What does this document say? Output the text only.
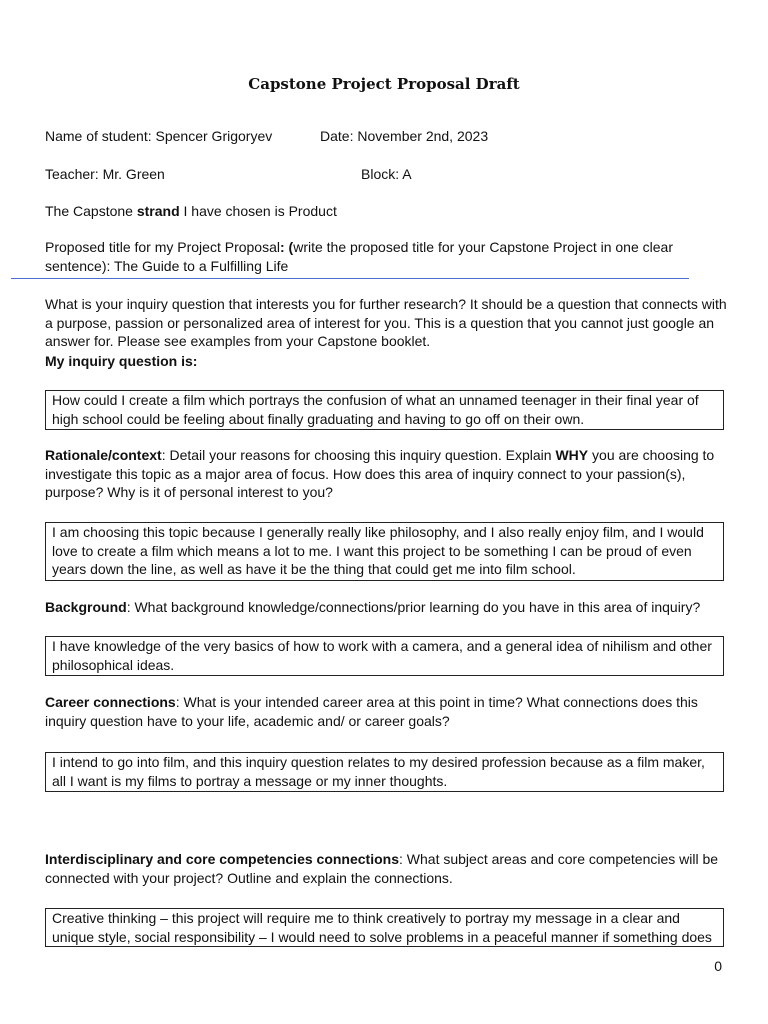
Capstone Project Proposal Draft
Name of student: Spencer Grigoryev	Date: November 2nd, 2023
Teacher: Mr. Green	Block: A
The Capstone strand I have chosen is Product
Proposed title for my Project Proposal: (write the proposed title for your Capstone Project in one clear sentence): The Guide to a Fulfilling Life
What is your inquiry question that interests you for further research? It should be a question that connects with a purpose, passion or personalized area of interest for you. This is a question that you cannot just google an answer for. Please see examples from your Capstone booklet.
My inquiry question is:
How could I create a film which portrays the confusion of what an unnamed teenager in their final year of high school could be feeling about finally graduating and having to go off on their own.
Rationale/context: Detail your reasons for choosing this inquiry question. Explain WHY you are choosing to investigate this topic as a major area of focus. How does this area of inquiry connect to your passion(s), purpose? Why is it of personal interest to you?
I am choosing this topic because I generally really like philosophy, and I also really enjoy film, and I would love to create a film which means a lot to me. I want this project to be something I can be proud of even years down the line, as well as have it be the thing that could get me into film school.
Background: What background knowledge/connections/prior learning do you have in this area of inquiry?
I have knowledge of the very basics of how to work with a camera, and a general idea of nihilism and other philosophical ideas.
Career connections: What is your intended career area at this point in time? What connections does this inquiry question have to your life, academic and/ or career goals?
I intend to go into film, and this inquiry question relates to my desired profession because as a film maker, all I want is my films to portray a message or my inner thoughts.
Interdisciplinary and core competencies connections: What subject areas and core competencies will be connected with your project? Outline and explain the connections.
Creative thinking – this project will require me to think creatively to portray my message in a clear and unique style, social responsibility – I would need to solve problems in a peaceful manner if something does
0
